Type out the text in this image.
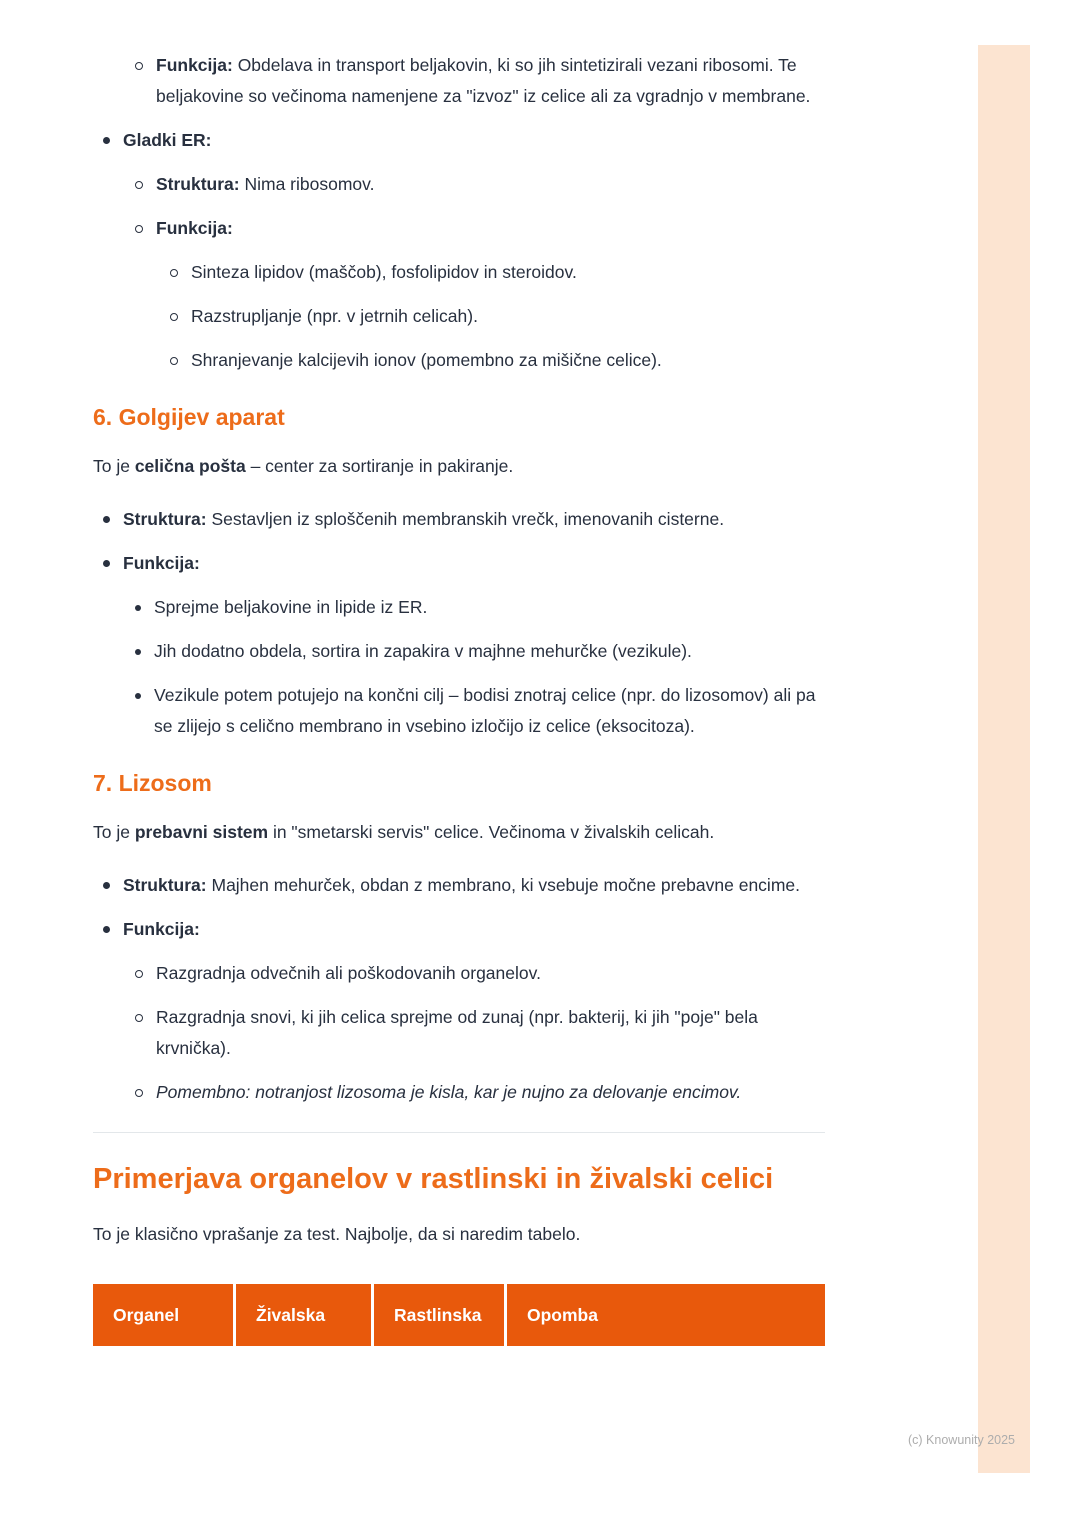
Funkcija: Obdelava in transport beljakovin, ki so jih sintetizirali vezani ribosomi. Te beljakovine so večinoma namenjene za "izvoz" iz celice ali za vgradnjo v membrane.
Gladki ER:
Struktura: Nima ribosomov.
Funkcija:
Sinteza lipidov (maščob), fosfolipidov in steroidov.
Razstrupljanje (npr. v jetrnih celicah).
Shranjevanje kalcijevih ionov (pomembno za mišične celice).
6. Golgijev aparat

To je celična pošta – center za sortiranje in pakiranje.

Struktura: Sestavljen iz sploščenih membranskih vrečk, imenovanih cisterne.
Funkcija:
Sprejme beljakovine in lipide iz ER.
Jih dodatno obdela, sortira in zapakira v majhne mehurčke (vezikule).
Vezikule potem potujejo na končni cilj – bodisi znotraj celice (npr. do lizosomov) ali pa se zlijejo s celično membrano in vsebino izločijo iz celice (eksocitoza).
7. Lizosom

To je prebavni sistem in "smetarski servis" celice. Večinoma v živalskih celicah.

Struktura: Majhen mehurček, obdan z membrano, ki vsebuje močne prebavne encime.
Funkcija:
Razgradnja odvečnih ali poškodovanih organelov.
Razgradnja snovi, ki jih celica sprejme od zunaj (npr. bakterij, ki jih "poje" bela krvnička).
Pomembno: notranjost lizosoma je kisla, kar je nujno za delovanje encimov.
Primerjava organelov v rastlinski in živalski celici

To je klasično vprašanje za test. Najbolje, da si naredim tabelo.

Organel	Živalska	Rastlinska	Opomba
(c) Knowunity 2025
